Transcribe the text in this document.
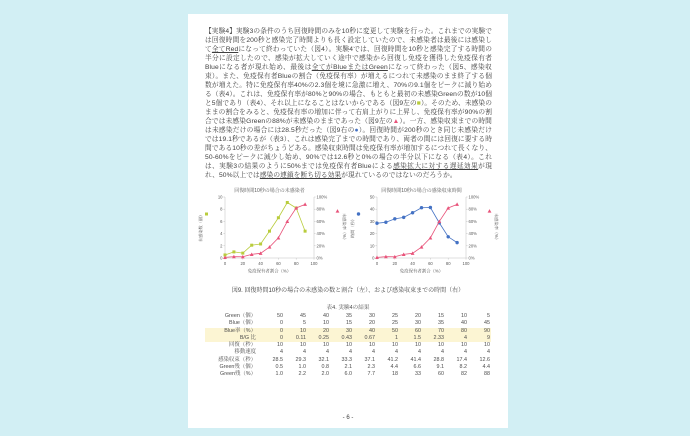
【実験4】実験3の条件のうち回復時間のみを10秒に変更して実験を行った。これまでの実験では回復時間を200秒と感染完了時間よりも長く設定していたので、未感染者は最後には感染して全てRedになって終わっていた（図4）。実験4では、回復時間を10秒と感染完了する時間の半分に設定したので、感染が拡大していく途中で感染から回復し免疫を獲得した免疫保有者Blueになる者が現れ始め、最後は全てがBlueまたはGreenになって終わった（図5、感染収束）。また、免疫保有者Blueの割合（免疫保有率）が増えるにつれて未感染のまま終了する個数が増えた。特に免疫保有率40%の2.3個を境に急激に増え、70%の9.1個をピークに減り始める（表4）。これは、免疫保有率が80%と90%の場合、もともと最初の未感染Greenの数が10個と5個であり（表4）、それ以上になることはないからである（図9左の■）。そのため、未感染のままの割合をみると、免疫保有率の増加に伴って右肩上がりに上昇し、免疫保有率が90%の割合では未感染Greenの88%が未感染のままであった（図9左の▲）。一方、感染収束までの時間は未感染だけの場合には28.5秒だった（図9右の●）。回復時間が200秒のとき同じ未感染だけでは19.1秒であるが（表3）、これは感染完了までの時間であり、両者の間には回復に要する時間である10秒の差がちょうどある。感染収束時間は免疫保有率が増加するにつれて長くなり、50-60%をピークに減少し始め、90%では12.6秒と0%の場合の半分以下になる（表4）。これは、実験3の結果のように50%までは免疫保有者Blueによる感染拡大に対する遅延効果が現れ、50%以上では感染の連鎖を断ち切る効果が現れているのではないのだろうか。

回復時間10秒の場合の未感染者
0	20	40	60	80	100
0
2
4
6
8
10
0%
20%
40%
60%
80%
100%
未感染数（個）	未感染率（%）
免疫保有者割合（%）
回復時間10秒の場合の感染収束時間
0	20	40	60	80	100
0
10
20
30
40
50
0%
20%
40%
60%
80%
100%
時間（秒）	未感染率（%）
免疫保有者割合（%）
図9. 回復時間10秒の場合の未感染の数と割合（左）、および感染収束までの時間（右）
表4. 実験4の結果
Green（個）	50	45	40	35	30	25	20	15	10	5
Blue（個）	0	5	10	15	20	25	30	35	40	45
Blue率（%）	0	10	20	30	40	50	60	70	80	90
B/G 比	0	0.11	0.25	0.43	0.67	1	1.5	2.33	4	9
回復（秒）	10	10	10	10	10	10	10	10	10	10
移動速度	4	4	4	4	4	4	4	4	4	4
感染収束（秒）	28.5	29.3	32.1	33.3	37.1	41.2	41.4	28.8	17.4	12.6
Green残（個）	0.5	1.0	0.8	2.1	2.3	4.4	6.6	9.1	8.2	4.4
Green残（%）	1.0	2.2	2.0	6.0	7.7	18	33	60	82	88
- 6 -
